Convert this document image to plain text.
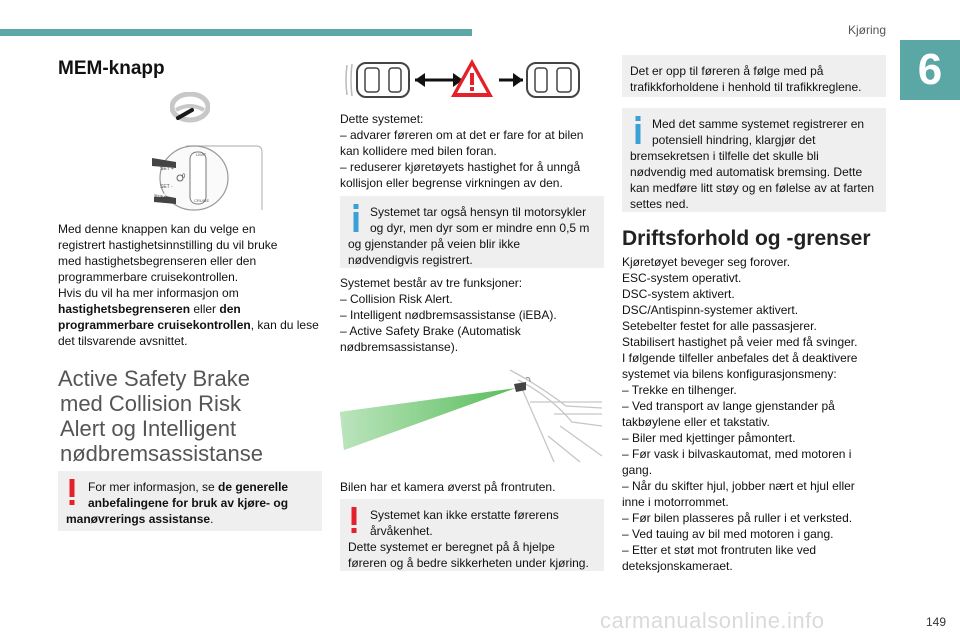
Kjøring
6
MEM-knapp
MEM
SET +
SET -
MEM
0
LIMIT
CRUISE

Med denne knappen kan du velge en
registrert hastighetsinnstilling du vil bruke
med hastighetsbegrenseren eller den
programmerbare cruisekontrollen.
Hvis du vil ha mer informasjon om
hastighetsbegrenseren eller den
programmerbare cruisekontrollen, kan du lese
det tilsvarende avsnittet.

Active Safety Brake
med Collision Risk
Alert og Intelligent
nødbremsassistanse
For mer informasjon, se de generelle
anbefalingene for bruk av kjøre- og
manøvrerings assistanse.

Dette systemet:
– advarer føreren om at det er fare for at bilen
kan kollidere med bilen foran.
– reduserer kjøretøyets hastighet for å unngå
kollisjon eller begrense virkningen av den.

Systemet tar også hensyn til motorsykler
og dyr, men dyr som er mindre enn 0,5 m
og gjenstander på veien blir ikke
nødvendigvis registrert.

Systemet består av tre funksjoner:
– Collision Risk Alert.
– Intelligent nødbremsassistanse (iEBA).
– Active Safety Brake (Automatisk
nødbremsassistanse).

Bilen har et kamera øverst på frontruten.

Systemet kan ikke erstatte førerens
årvåkenhet.
Dette systemet er beregnet på å hjelpe
føreren og å bedre sikkerheten under kjøring.
Det er opp til føreren å følge med på
trafikkforholdene i henhold til trafikkreglene.
Med det samme systemet registrerer en
potensiell hindring, klargjør det
bremsekretsen i tilfelle det skulle bli
nødvendig med automatisk bremsing. Dette
kan medføre litt støy og en følelse av at farten
settes ned.
Driftsforhold og -grenser

Kjøretøyet beveger seg forover.
ESC-system operativt.
DSC-system aktivert.
DSC/Antispinn-systemer aktivert.
Setebelter festet for alle passasjerer.
Stabilisert hastighet på veier med få svinger.
I følgende tilfeller anbefales det å deaktivere
systemet via bilens konfigurasjonsmeny:
– Trekke en tilhenger.
– Ved transport av lange gjenstander på
takbøylene eller et takstativ.
– Biler med kjettinger påmontert.
– Før vask i bilvaskautomat, med motoren i
gang.
– Når du skifter hjul, jobber nært et hjul eller
inne i motorrommet.
– Før bilen plasseres på ruller i et verksted.
– Ved tauing av bil med motoren i gang.
– Etter et støt mot frontruten like ved
deteksjonskameraet.

149
carmanualsonline.info
